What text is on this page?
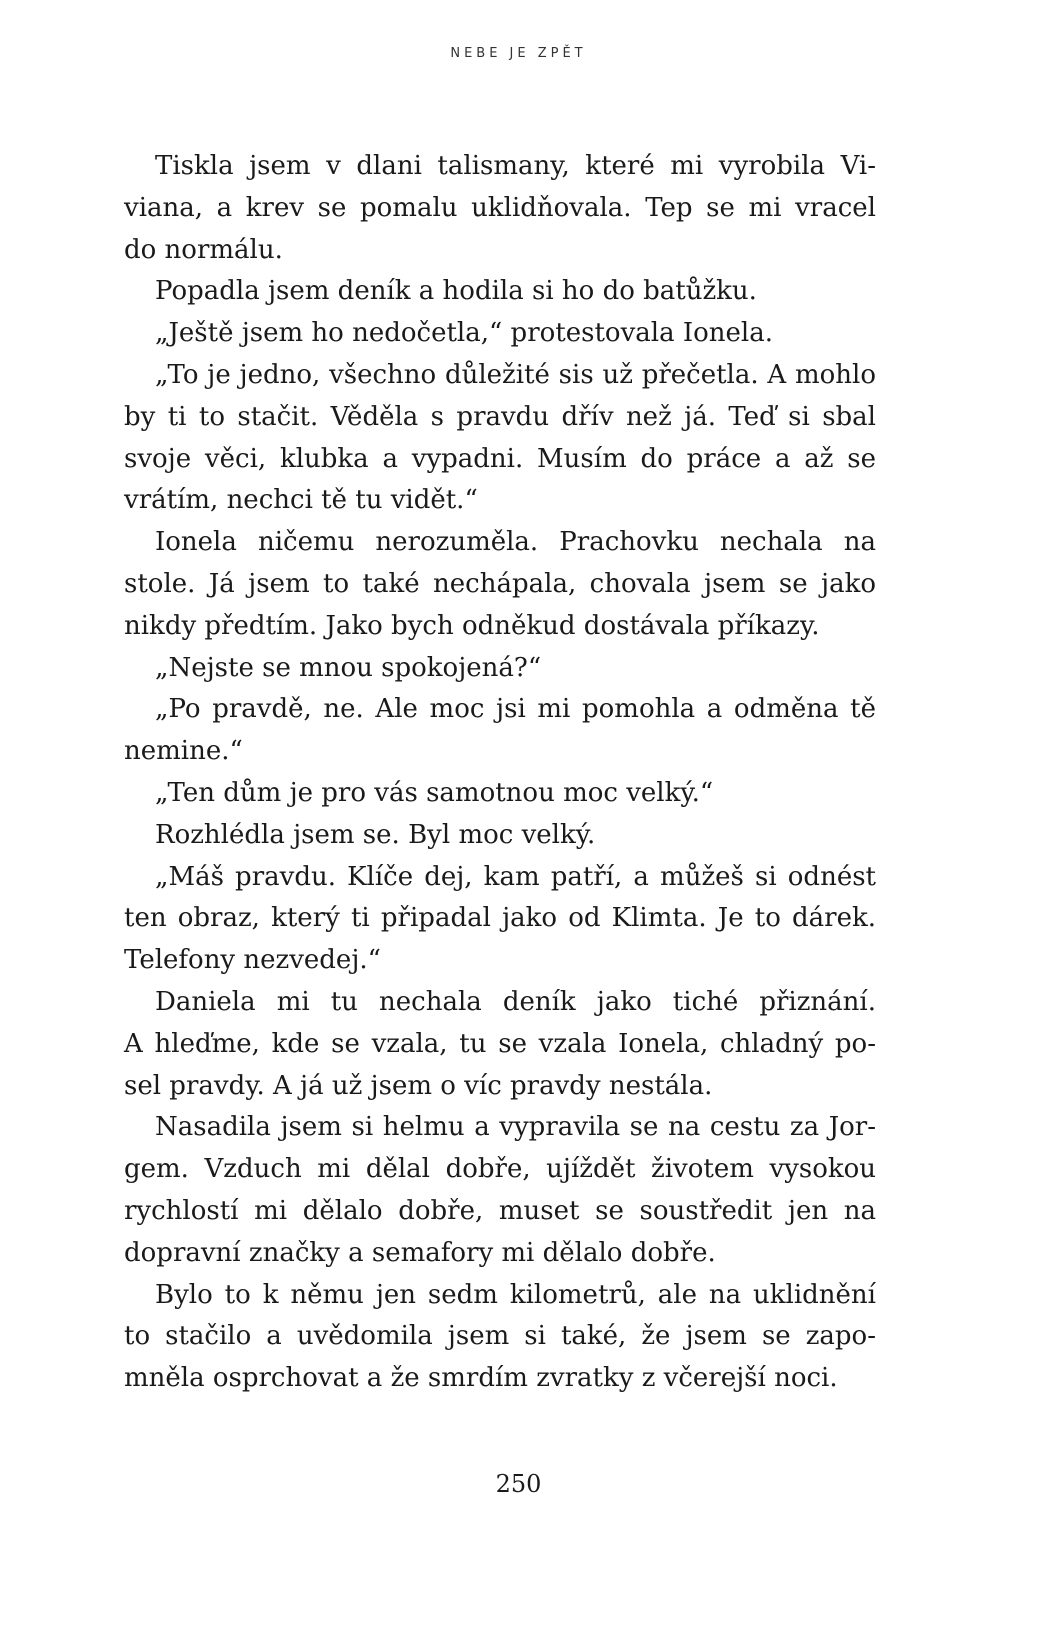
NEBE JE ZPĚT

Tiskla jsem v dlani talismany, které mi vyrobila Vi-
viana, a krev se pomalu uklidňovala. Tep se mi vracel
do normálu.

Popadla jsem deník a hodila si ho do batůžku.

„Ještě jsem ho nedočetla,“ protestovala Ionela.

„To je jedno, všechno důležité sis už přečetla. A mohlo
by ti to stačit. Věděla s pravdu dřív než já. Teď si sbal
svoje věci, klubka a vypadni. Musím do práce a až se
vrátím, nechci tě tu vidět.“

Ionela ničemu nerozuměla. Prachovku nechala na
stole. Já jsem to také nechápala, chovala jsem se jako
nikdy předtím. Jako bych odněkud dostávala příkazy.

„Nejste se mnou spokojená?“

„Po pravdě, ne. Ale moc jsi mi pomohla a odměna tě
nemine.“

„Ten dům je pro vás samotnou moc velký.“

Rozhlédla jsem se. Byl moc velký.

„Máš pravdu. Klíče dej, kam patří, a můžeš si odnést
ten obraz, který ti připadal jako od Klimta. Je to dárek.
Telefony nezvedej.“

Daniela mi tu nechala deník jako tiché přiznání.
A hleďme, kde se vzala, tu se vzala Ionela, chladný po-
sel pravdy. A já už jsem o víc pravdy nestála.

Nasadila jsem si helmu a vypravila se na cestu za Jor-
gem. Vzduch mi dělal dobře, ujíždět životem vysokou
rychlostí mi dělalo dobře, muset se soustředit jen na
dopravní značky a semafory mi dělalo dobře.

Bylo to k němu jen sedm kilometrů, ale na uklidnění
to stačilo a uvědomila jsem si také, že jsem se zapo-
mněla osprchovat a že smrdím zvratky z včerejší noci.

250
